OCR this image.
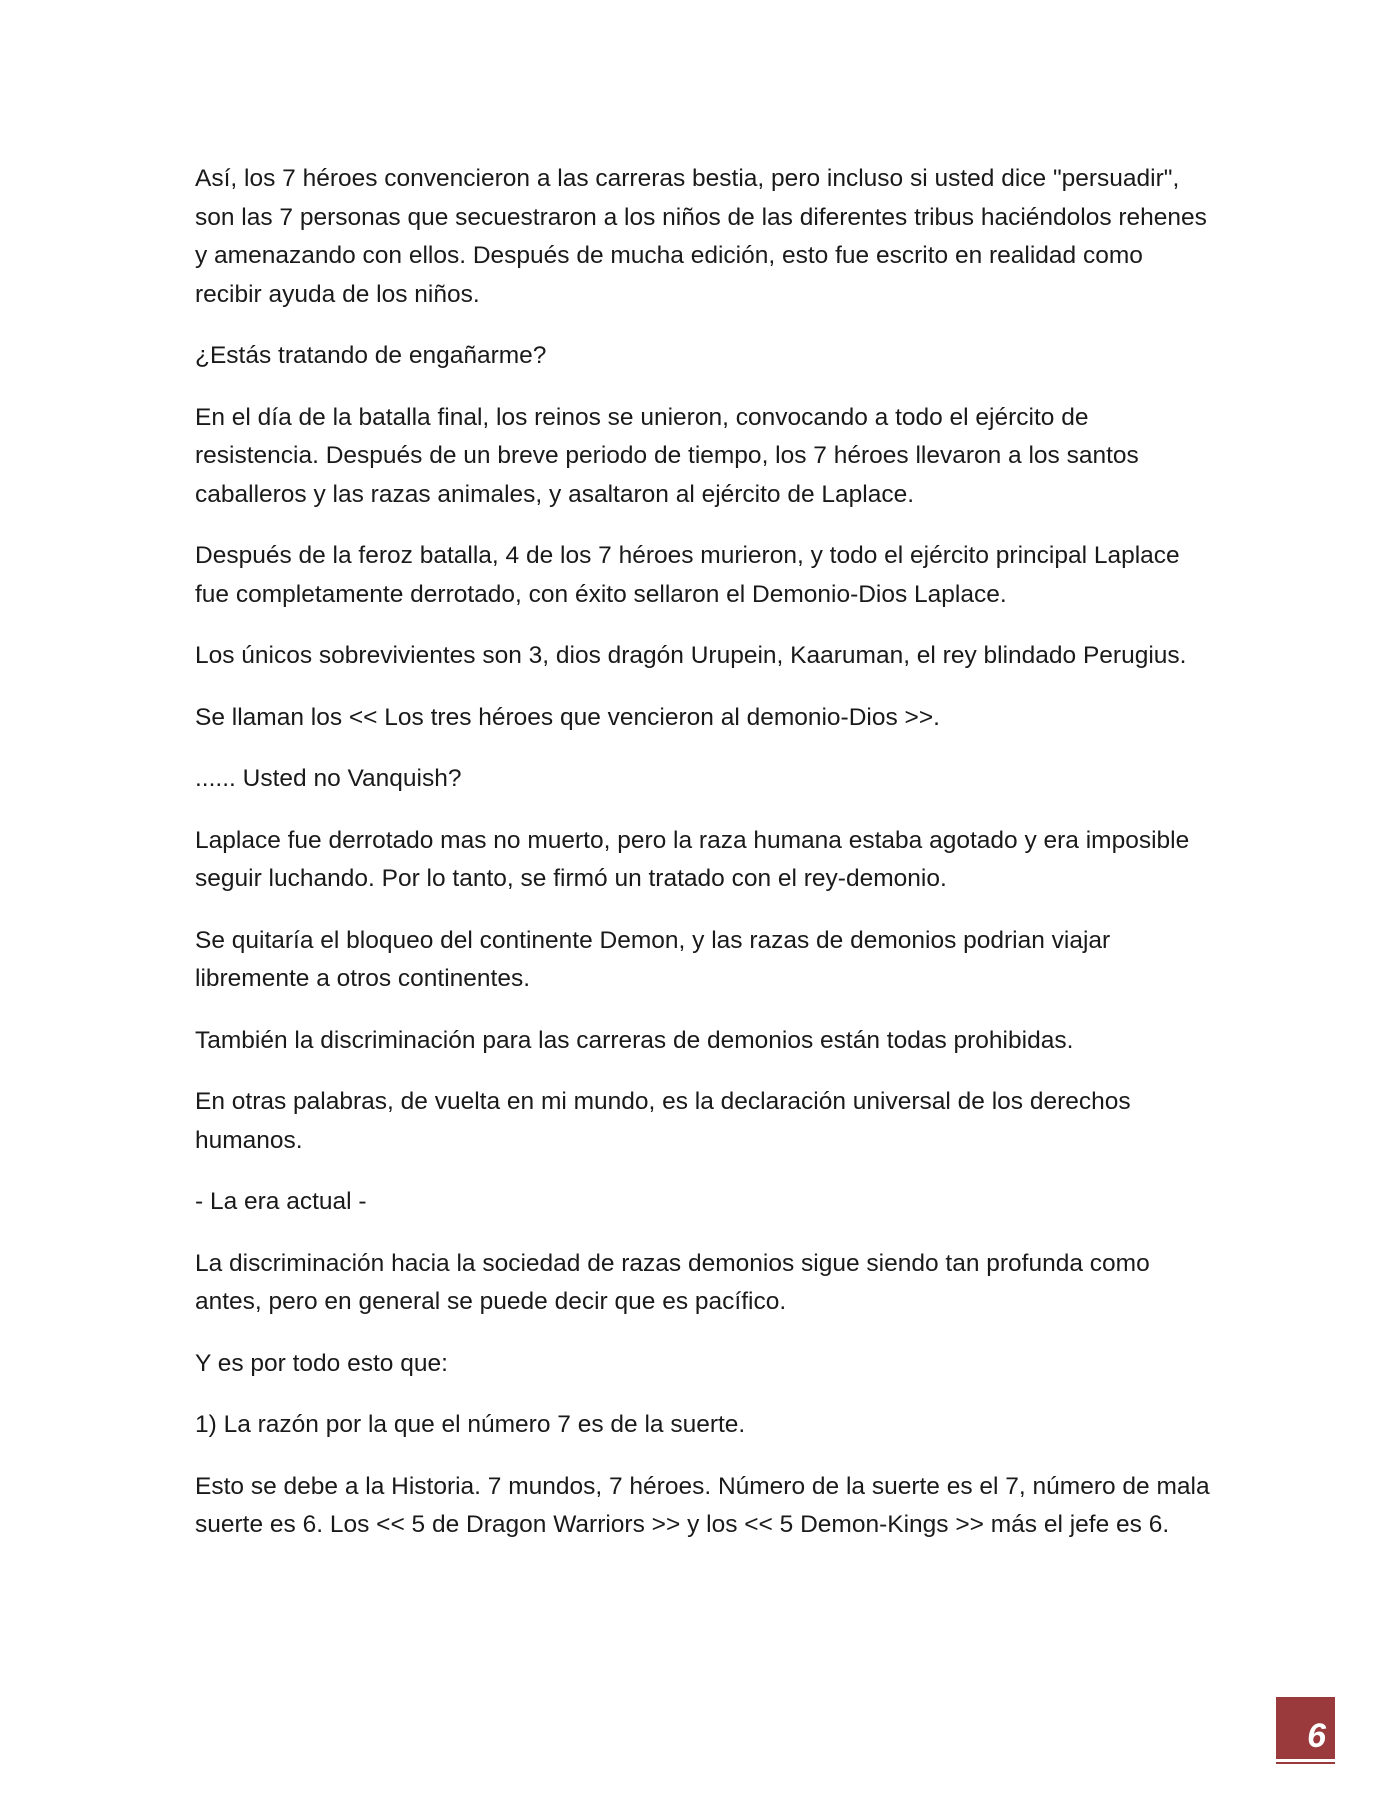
Así, los 7 héroes convencieron a las carreras bestia, pero incluso si usted dice "persuadir", son las 7 personas que secuestraron a los niños de las diferentes tribus haciéndolos rehenes y amenazando con ellos. Después de mucha edición, esto fue escrito en realidad como recibir ayuda de los niños.

¿Estás tratando de engañarme?

En el día de la batalla final, los reinos se unieron, convocando a todo el ejército de resistencia. Después de un breve periodo de tiempo, los 7 héroes llevaron a los santos caballeros y las razas animales, y asaltaron al ejército de Laplace.

Después de la feroz batalla, 4 de los 7 héroes murieron, y todo el ejército principal Laplace fue completamente derrotado, con éxito sellaron el Demonio-Dios Laplace.

Los únicos sobrevivientes son 3, dios dragón Urupein, Kaaruman, el rey blindado Perugius.

Se llaman los << Los tres héroes que vencieron al demonio-Dios >>.

...... Usted no Vanquish?

Laplace fue derrotado mas no muerto, pero la raza humana estaba agotado y era imposible seguir luchando. Por lo tanto, se firmó un tratado con el rey-demonio.

Se quitaría el bloqueo del continente Demon, y las razas de demonios podrian viajar libremente a otros continentes.

También la discriminación para las carreras de demonios están todas prohibidas.

En otras palabras, de vuelta en mi mundo, es la declaración universal de los derechos humanos.

- La era actual -

La discriminación hacia la sociedad de razas demonios sigue siendo tan profunda como antes, pero en general se puede decir que es pacífico.

Y es por todo esto que:

1) La razón por la que el número 7 es de la suerte.

Esto se debe a la Historia. 7 mundos, 7 héroes. Número de la suerte es el 7, número de mala suerte es 6. Los << 5 de Dragon Warriors >> y los << 5 Demon-Kings >> más el jefe es 6.

6
